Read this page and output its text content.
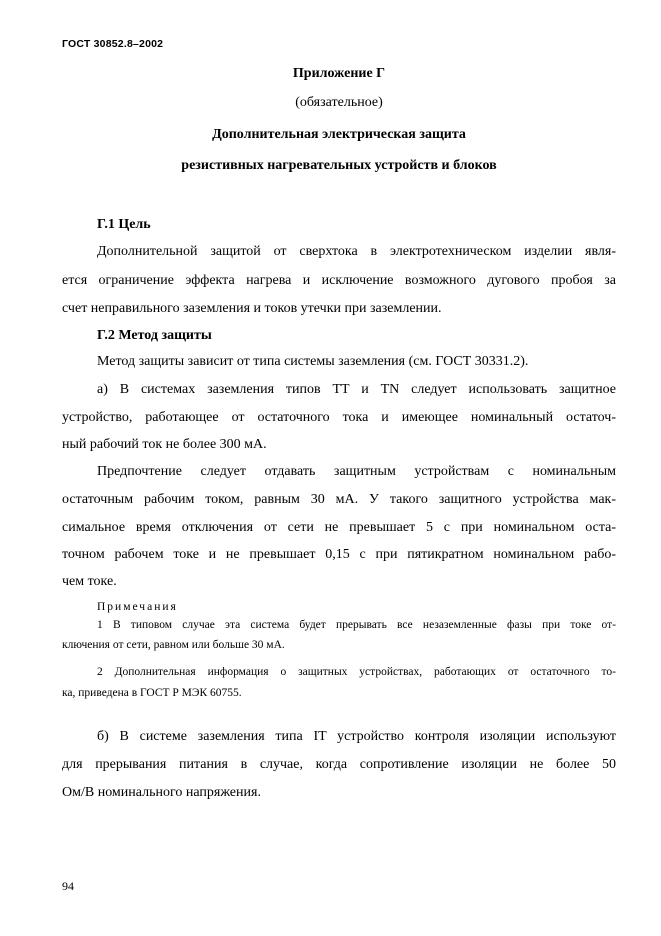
ГОСТ 30852.8–2002
Приложение Г
(обязательное)
Дополнительная электрическая защита
резистивных нагревательных устройств и блоков
Г.1 Цель
Дополнительной защитой от сверхтока в электротехническом изделии явля-
ется ограничение эффекта нагрева и исключение возможного дугового пробоя за
счет неправильного заземления и токов утечки при заземлении.
Г.2 Метод защиты
Метод защиты зависит от типа системы заземления (см. ГОСТ 30331.2).
а) В системах заземления типов TT и TN следует использовать защитное
устройство, работающее от остаточного тока и имеющее номинальный остаточ-
ный рабочий ток не более 300 мА.
Предпочтение следует отдавать защитным устройствам с номинальным
остаточным рабочим током, равным 30 мА. У такого защитного устройства мак-
симальное время отключения от сети не превышает 5 с при номинальном оста-
точном рабочем токе и не превышает 0,15 с при пятикратном номинальном рабо-
чем токе.
Примечания
1 В типовом случае эта система будет прерывать все незаземленные фазы при токе от-
ключения от сети, равном или больше 30 мА.
2 Дополнительная информация о защитных устройствах, работающих от остаточного то-
ка, приведена в ГОСТ Р МЭК 60755.
б) В системе заземления типа IT устройство контроля изоляции используют
для прерывания питания в случае, когда сопротивление изоляции не более 50
Ом/В номинального напряжения.
94
